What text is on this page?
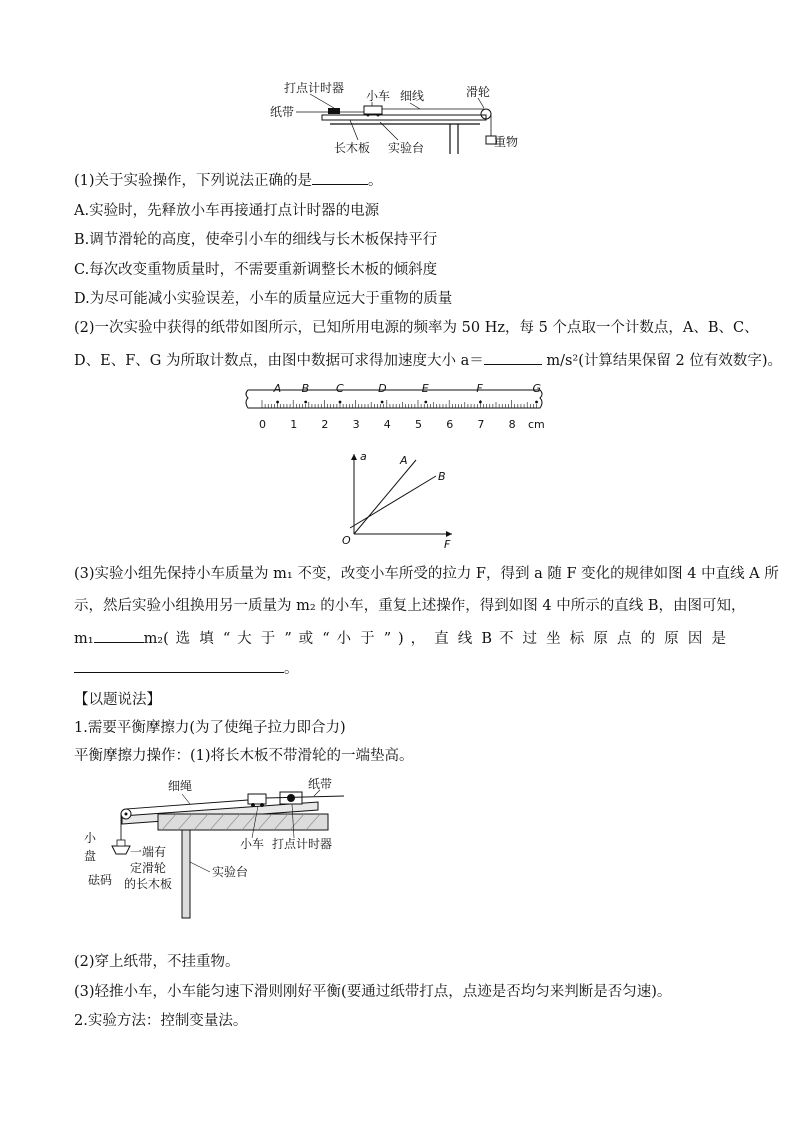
打点计时器
小车 细线	滑轮
纸带
重物
长木板 实验台
(1)关于实验操作，下列说法正确的是	。
A.实验时，先释放小车再接通打点计时器的电源
B.调节滑轮的高度，使牵引小车的细线与长木板保持平行
C.每次改变重物质量时，不需要重新调整长木板的倾斜度
D.为尽可能减小实验误差，小车的质量应远大于重物的质量
(2)一次实验中获得的纸带如图所示，已知所用电源的频率为 50 Hz，每 5 个点取一个计数点，A、B、C、
D、E、F、G 为所取计数点，由图中数据可求得加速度大小 a＝	m/s²(计算结果保留 2 位有效数字)。
A B C	D	E	F	G
0 1 2 3 4 5 6 7 8 cm
a
F
O
A
B
(3)实验小组先保持小车质量为 m₁ 不变，改变小车所受的拉力 F，得到 a 随 F 变化的规律如图 4 中直线 A 所
示，然后实验小组换用另一质量为 m₂ 的小车，重复上述操作，得到如图 4 中所示的直线 B，由图可知，
m₁	m₂( 选 填 “ 大 于 ” 或 “ 小 于 ” ) ， 直 线 B 不 过 坐 标 原 点 的 原 因 是
。
【以题说法】
1.需要平衡摩擦力(为了使绳子拉力即合力)
平衡摩擦力操作：(1)将长木板不带滑轮的一端垫高。
细绳	纸带
小
盘
砝码
一端有
定滑轮
的长木板
小车 打点计时器
实验台
(2)穿上纸带，不挂重物。
(3)轻推小车，小车能匀速下滑则刚好平衡(要通过纸带打点，点迹是否均匀来判断是否匀速)。
2.实验方法：控制变量法。
